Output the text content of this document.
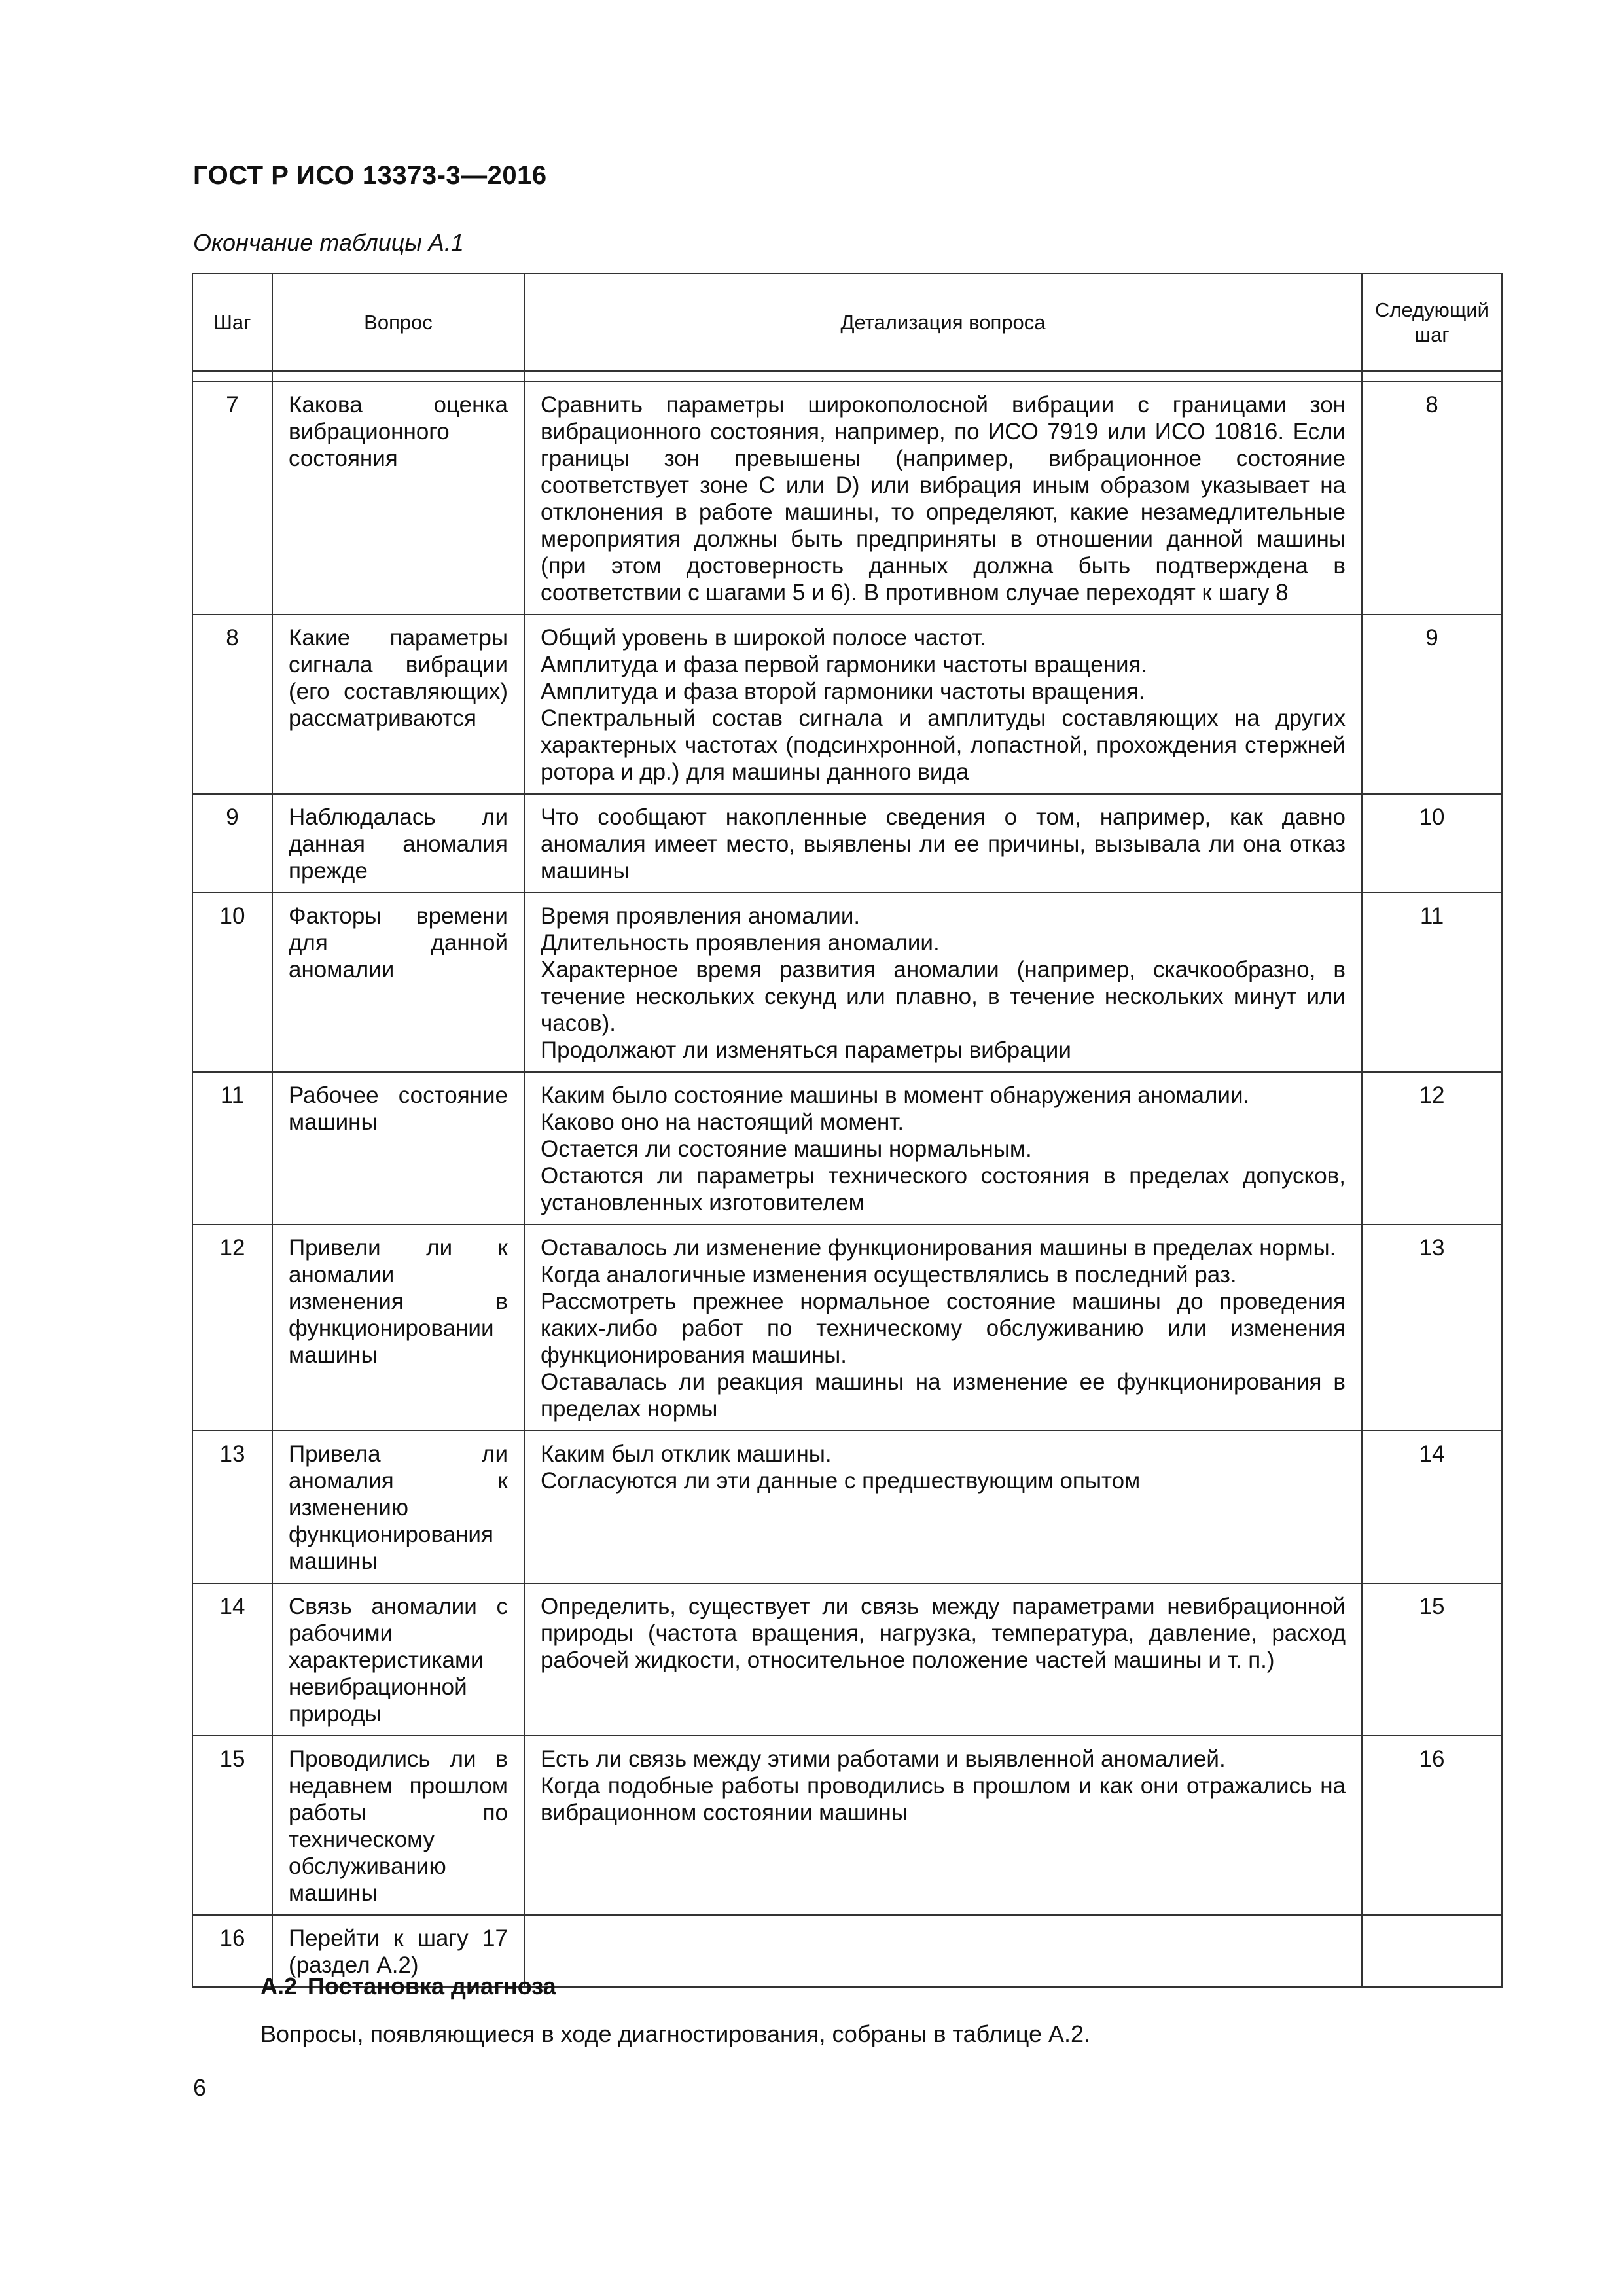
ГОСТ Р ИСО 13373-3—2016
Окончание таблицы А.1
Шаг	Вопрос	Детализация вопроса	Следующий шаг

7	Какова оценка вибрационного состояния	Сравнить параметры широкополосной вибрации с границами зон вибрационного состояния, например, по ИСО 7919 или ИСО 10816. Если границы зон превышены (например, вибрационное состояние соответствует зоне C или D) или вибрация иным образом указывает на отклонения в работе машины, то определяют, какие незамедлительные мероприятия должны быть предприняты в отношении данной машины (при этом достоверность данных должна быть подтверждена в соответствии с шагами 5 и 6). В противном случае переходят к шагу 8	8
8	Какие параметры сигнала вибрации (его составляющих) рассматриваются	Общий уровень в широкой полосе частот.
Амплитуда и фаза первой гармоники частоты вращения.
Амплитуда и фаза второй гармоники частоты вращения.
Спектральный состав сигнала и амплитуды составляющих на других характерных частотах (подсинхронной, лопастной, прохождения стержней ротора и др.) для машины данного вида	9
9	Наблюдалась ли данная аномалия прежде	Что сообщают накопленные сведения о том, например, как давно аномалия имеет место, выявлены ли ее причины, вызывала ли она отказ машины	10
10	Факторы времени для данной аномалии	Время проявления аномалии.
Длительность проявления аномалии.
Характерное время развития аномалии (например, скачкообразно, в течение нескольких секунд или плавно, в течение нескольких минут или часов).
Продолжают ли изменяться параметры вибрации	11
11	Рабочее состояние машины	Каким было состояние машины в момент обнаружения аномалии.
Каково оно на настоящий момент.
Остается ли состояние машины нормальным.
Остаются ли параметры технического состояния в пределах допусков, установленных изготовителем	12
12	Привели ли к аномалии изменения в функционировании машины	Оставалось ли изменение функционирования машины в пределах нормы.
Когда аналогичные изменения осуществлялись в последний раз.
Рассмотреть прежнее нормальное состояние машины до проведения каких-либо работ по техническому обслуживанию или изменения функционирования машины.
Оставалась ли реакция машины на изменение ее функционирования в пределах нормы	13
13	Привела ли аномалия к изменению функционирования машины	Каким был отклик машины.
Согласуются ли эти данные с предшествующим опытом	14
14	Связь аномалии с рабочими характеристиками невибрационной природы	Определить, существует ли связь между параметрами невибрационной природы (частота вращения, нагрузка, температура, давление, расход рабочей жидкости, относительное положение частей машины и т. п.)	15
15	Проводились ли в недавнем прошлом работы по техническому обслуживанию машины	Есть ли связь между этими работами и выявленной аномалией.
Когда подобные работы проводились в прошлом и как они отражались на вибрационном состоянии машины	16
16	Перейти к шагу 17 (раздел А.2)		
А.2 Постановка диагноза
Вопросы, появляющиеся в ходе диагностирования, собраны в таблице А.2.
6
